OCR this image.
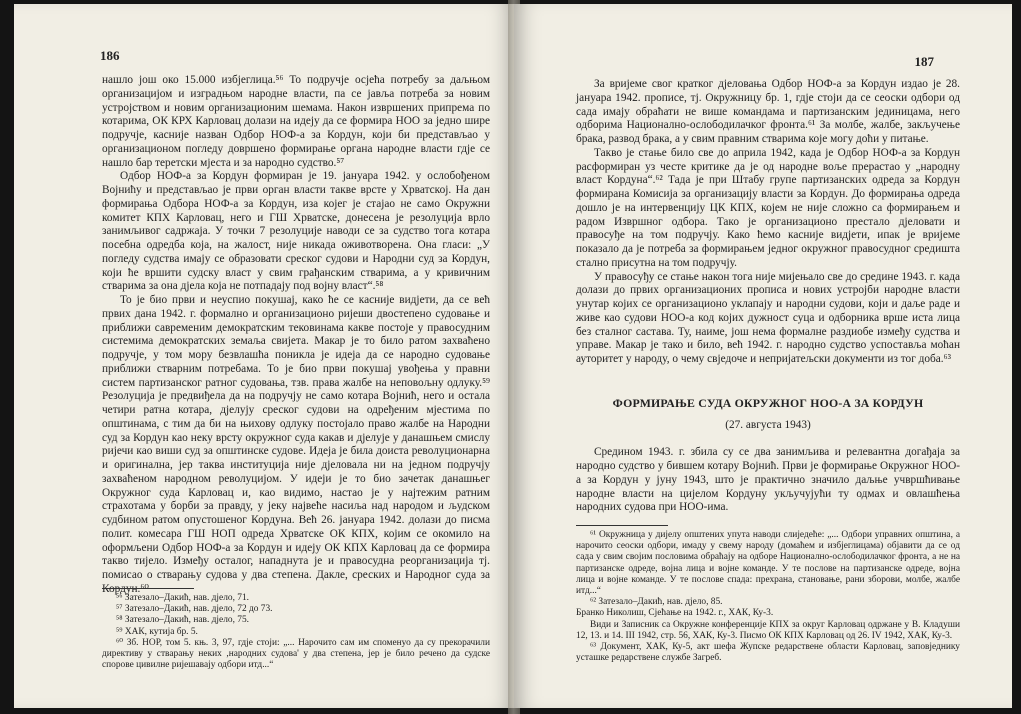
186

нашло још око 15.000 избјеглица.⁵⁶ То подручје осјећа потребу за даљњом организацијом и изградњом народне власти, па се јавља потреба за новим устројством и новим организационим шемама. Након извршених припрема по котарима, ОК КРХ Карловац долази на идеју да се формира НОО за једно шире подручје, касније назван Одбор НОФ-а за Кордун, који би представљао у организационом погледу довршено формирање органа народне власти гдје се нашло бар теретски мјеста и за народно судство.⁵⁷

Одбор НОФ-а за Кордун формиран је 19. јануара 1942. у ослобођеном Војнићу и представљао је први орган власти такве врсте у Хрватској. На дан формирања Одбора НОФ-а за Кордун, иза којег је стајао не само Окружни комитет КПХ Карловац, него и ГШ Хрватске, донесена је резолуција врло занимљивог садржаја. У точки 7 резолуције наводи се за судство тога котара посебна одредба која, на жалост, није никада оживотворена. Она гласи: „У погледу судства имају се образовати среског судови и Народни суд за Кордун, који ће вршити судску власт у свим грађанским стварима, а у кривичним стварима за она дјела која не потпадају под војну власт“.⁵⁸

То је био први и неуспио покушај, како ће се касније видјети, да се већ првих дана 1942. г. формално и организационо ријеши двостепено судовање и приближи савременим демократским тековинама какве постоје у правосудним системима демократских земаља свијета. Макар је то било ратом захваћено подручје, у том мору безвлашћа поникла је идеја да се народно судовање приближи стварним потребама. То је био први покушај увођења у правни систем партизанског ратног судовања, тзв. права жалбе на неповољну одлуку.⁵⁹ Резолуција је предвиђела да на подручју не само котара Војнић, него и остала четири ратна котара, дјелују среског судови на одређеним мјестима по општинама, с тим да би на њихову одлуку постојало право жалбе на Народни суд за Кордун као неку врсту окружног суда какав и дјелује у данашњем смислу ријечи као виши суд за општинске судове. Идеја је била доиста револуционарна и оригинална, јер таква институција није дјеловала ни на једном подручју захваћеном народном револуцијом. У идеји је то био зачетак данашњег Окружног суда Карловац и, као видимо, настао је у најтежим ратним страхотама у борби за правду, у јеку највеће насиља над народом и људском судбином ратом опустошеног Кордуна. Већ 26. јануара 1942. долази до писма полит. комесара ГШ НОП одреда Хрватске ОК КПХ, којим се окомило на оформљени Одбор НОФ-а за Кордун и идеју ОК КПХ Карловац да се формира такво тијело. Између осталог, нападнута је и правосудна реорганизација тј. помисао о стварању судова у два степена. Дакле, среских и Народног суда за Кордун.⁶⁰

⁵⁶ Затезало–Дакић, нав. дјело, 71.

⁵⁷ Затезало–Дакић, нав. дјело, 72 до 73.

⁵⁸ Затезало–Дакић, нав. дјело, 75.

⁵⁹ ХАК, кутија бр. 5.

⁶⁰ Зб. НОР, том 5. књ. 3, 97, гдје стоји: „... Нарочито сам им споменуо да су прекорачили директиву у стварању неких ,народних судова' у два степена, јер је било речено да судске спорове цивилне ријешавају одбори итд...“

187

За вријеме свог кратког дјеловања Одбор НОФ-а за Кордун издао је 28. јануара 1942. прописе, тј. Окружницу бр. 1, гдје стоји да се сеоски одбори од сада имају обраћати не више командама и партизанским јединицама, него одборима Национално-ослободилачког фронта.⁶¹ За молбе, жалбе, закључење брака, развод брака, а у свим правним стварима које могу доћи у питање.

Такво је стање било све до априла 1942, када је Одбор НОФ-а за Кордун расформиран уз честе критике да је од народне воље прерастао у „народну власт Кордуна“.⁶² Тада је при Штабу групе партизанских одреда за Кордун формирана Комисија за организацију власти за Кордун. До формирања одреда дошло је на интервенцију ЦК КПХ, којем не није сложно са формирањем и радом Извршног одбора. Тако је организационо престало дјеловати и правосуђе на том подручју. Како ћемо касније видјети, ипак је вријеме показало да је потреба за формирањем једног окружног правосудног средишта стално присутна на том подручју.

У правосуђу се стање након тога није мијењало све до средине 1943. г. када долази до првих организационих прописа и нових устројби народне власти унутар којих се организационо уклапају и народни судови, који и даље раде и живе као судови НОО-а код којих дужност суца и одборника врше иста лица без сталног састава. Ту, наиме, још нема формалне раздиобе између судства и управе. Макар је тако и било, већ 1942. г. народно судство успоставља моћан ауторитет у народу, о чему свједоче и непријатељски документи из тог доба.⁶³

ФОРМИРАЊЕ СУДА ОКРУЖНОГ НОО-А ЗА КОРДУН
(27. августа 1943)

Средином 1943. г. збила су се два занимљива и релевантна догађаја за народно судство у бившем котару Војнић. Први је формирање Окружног НОО-а за Кордун у јуну 1943, што је практично значило даљње учвршћивање народне власти на цијелом Кордуну укључујући ту одмах и овлашћења народних судова при НОО-има.

⁶¹ Окружница у дијелу општених упута наводи слиједеће: „... Одбори управних општина, а нарочито сеоски одбори, имаду у свему народу (домаћем и избјеглицама) објавити да се од сада у свим својим пословима обраћају на одборе Национално-ослободилачког фронта, а не на партизанске одреде, војна лица и војне команде. У те послове на партизанске одреде, војна лица и војне команде. У те послове спада: прехрана, становање, рани зборови, молбе, жалбе итд...“

⁶² Затезало–Дакић, нав. дјело, 85.

Бранко Николиш, Сјећање на 1942. г., ХАК, Ку-3.

Види и Записник са Окружне конференције КПХ за округ Карловац одржане у В. Кладуши 12, 13. и 14. III 1942, стр. 56, ХАК, Ку-3. Писмо ОК КПХ Карловац од 26. IV 1942, ХАК, Ку-3.

⁶³ Документ, ХАК, Ку-5, акт шефа Жупске редарствене области Карловац, заповједнику усташке редарствене службе Загреб.
